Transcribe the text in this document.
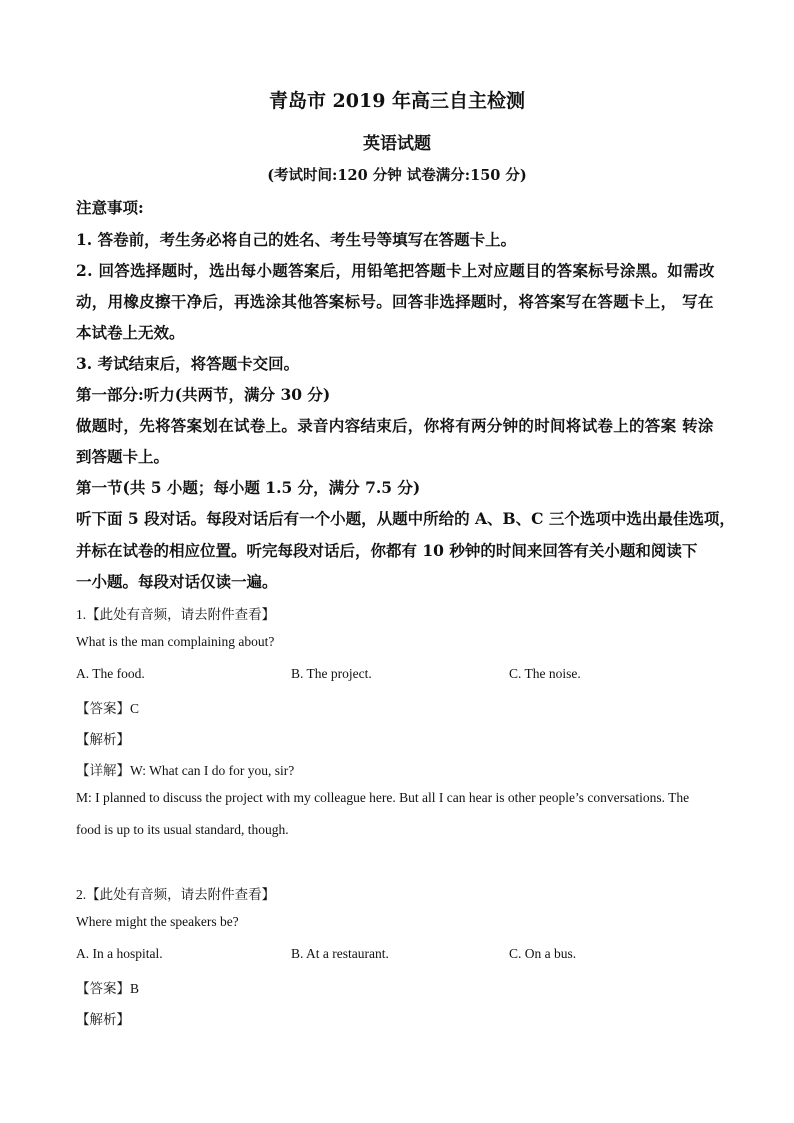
青岛市 2019 年高三自主检测
英语试题
(考试时间:120 分钟 试卷满分:150 分)
注意事项:
1. 答卷前，考生务必将自己的姓名、考生号等填写在答题卡上。
2. 回答选择题时，选出每小题答案后，用铅笔把答题卡上对应题目的答案标号涂黑。如需改
动，用橡皮擦干净后，再选涂其他答案标号。回答非选择题时，将答案写在答题卡上， 写在
本试卷上无效。
3. 考试结束后，将答题卡交回。
第一部分:听力(共两节，满分 30 分)
做题时，先将答案划在试卷上。录音内容结束后，你将有两分钟的时间将试卷上的答案 转涂
到答题卡上。
第一节(共 5 小题；每小题 1.5 分，满分 7.5 分)
听下面 5 段对话。每段对话后有一个小题，从题中所给的 A、B、C 三个选项中选出最佳选项，
并标在试卷的相应位置。听完每段对话后，你都有 10 秒钟的时间来回答有关小题和阅读下
一小题。每段对话仅读一遍。
1.【此处有音频，请去附件查看】
What is the man complaining about?
A. The food.	B. The project.	C. The noise.
【答案】C
【解析】
【详解】W: What can I do for you, sir?
M: I planned to discuss the project with my colleague here. But all I can hear is other people’s conversations. The
food is up to its usual standard, though.
2.【此处有音频，请去附件查看】
Where might the speakers be?
A. In a hospital.	B. At a restaurant.	C. On a bus.
【答案】B
【解析】
